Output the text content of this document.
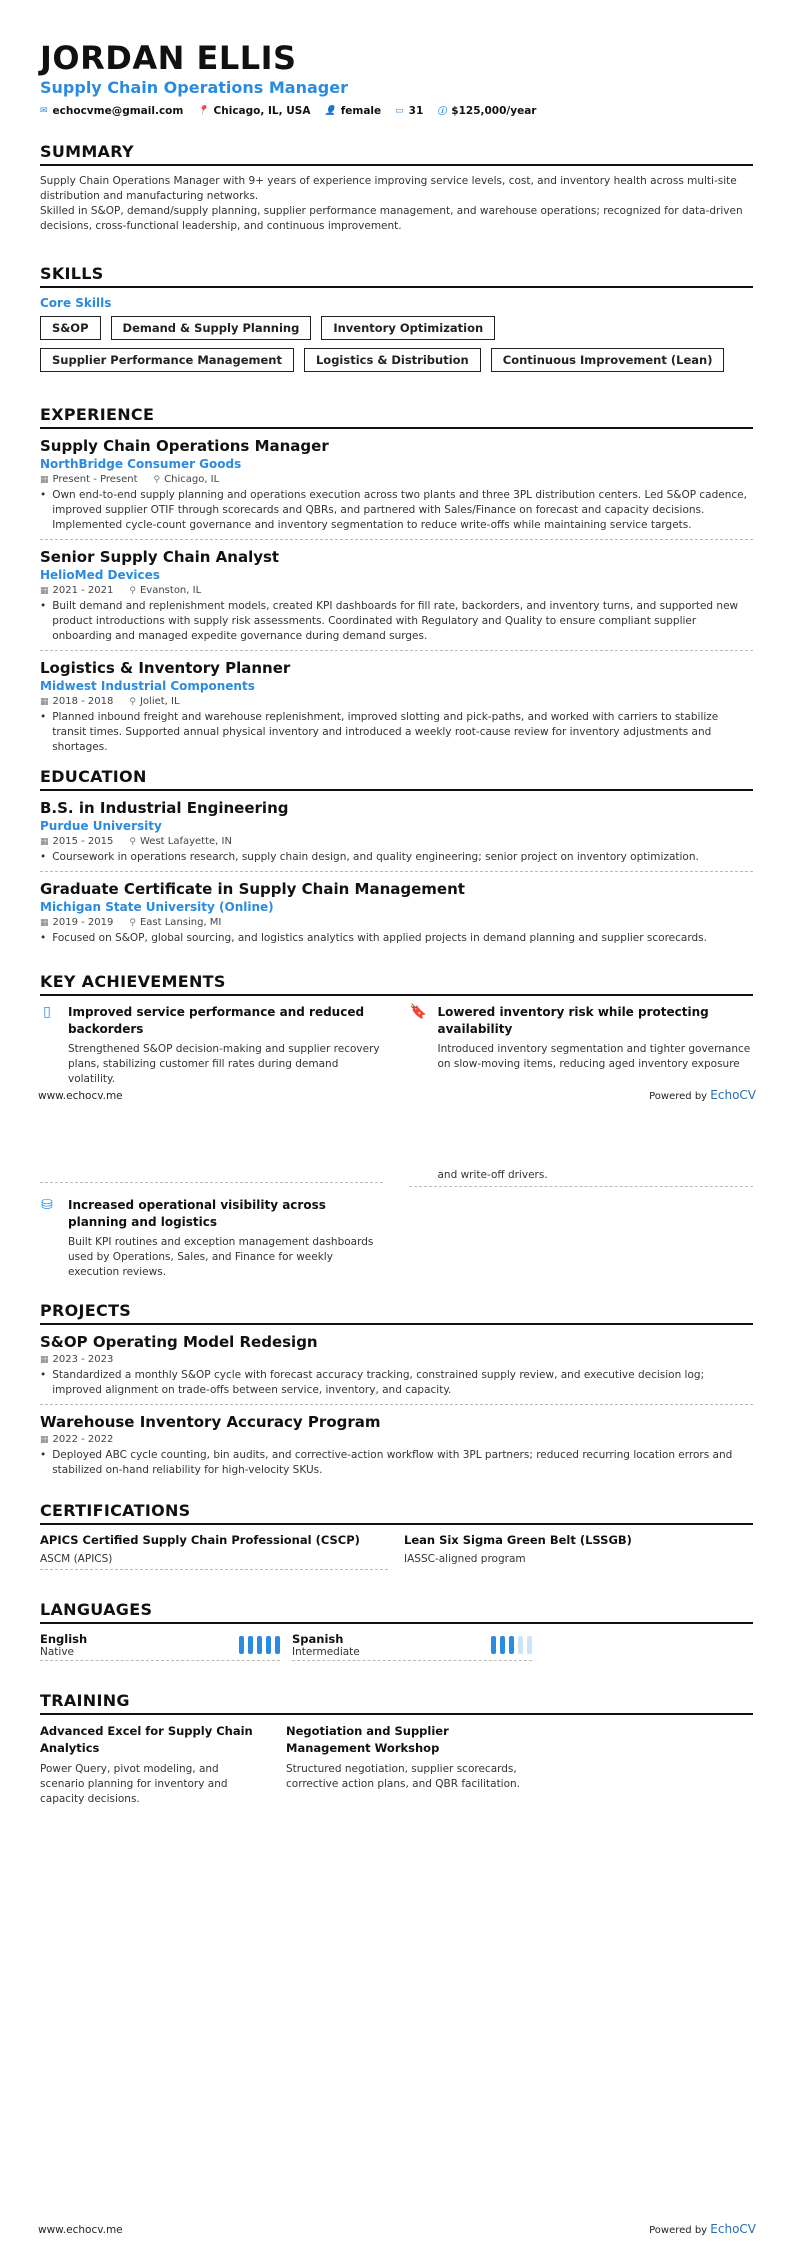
JORDAN ELLIS
Supply Chain Operations Manager
✉ echocvme@gmail.com 📍 Chicago, IL, USA 👤 female ▭ 31 ⓘ $125,000/year
SUMMARY
Supply Chain Operations Manager with 9+ years of experience improving service levels, cost, and inventory health across multi-site distribution and manufacturing networks.
Skilled in S&OP, demand/supply planning, supplier performance management, and warehouse operations; recognized for data-driven decisions, cross-functional leadership, and continuous improvement.
SKILLS
Core Skills
S&OP	Demand & Supply Planning	Inventory Optimization
Supplier Performance Management	Logistics & Distribution	Continuous Improvement (Lean)
EXPERIENCE
Supply Chain Operations Manager
NorthBridge Consumer Goods
▦ Present - Present ⚲ Chicago, IL
• Own end-to-end supply planning and operations execution across two plants and three 3PL distribution centers. Led S&OP cadence, improved supplier OTIF through scorecards and QBRs, and partnered with Sales/Finance on forecast and capacity decisions. Implemented cycle-count governance and inventory segmentation to reduce write-offs while maintaining service targets.
Senior Supply Chain Analyst
HelioMed Devices
▦ 2021 - 2021 ⚲ Evanston, IL
• Built demand and replenishment models, created KPI dashboards for fill rate, backorders, and inventory turns, and supported new product introductions with supply risk assessments. Coordinated with Regulatory and Quality to ensure compliant supplier onboarding and managed expedite governance during demand surges.
Logistics & Inventory Planner
Midwest Industrial Components
▦ 2018 - 2018 ⚲ Joliet, IL
• Planned inbound freight and warehouse replenishment, improved slotting and pick-paths, and worked with carriers to stabilize transit times. Supported annual physical inventory and introduced a weekly root-cause review for inventory adjustments and shortages.
EDUCATION
B.S. in Industrial Engineering
Purdue University
▦ 2015 - 2015 ⚲ West Lafayette, IN
• Coursework in operations research, supply chain design, and quality engineering; senior project on inventory optimization.
Graduate Certificate in Supply Chain Management
Michigan State University (Online)
▦ 2019 - 2019 ⚲ East Lansing, MI
• Focused on S&OP, global sourcing, and logistics analytics with applied projects in demand planning and supplier scorecards.
KEY ACHIEVEMENTS
▯ Improved service performance and reduced backorders
Strengthened S&OP decision-making and supplier recovery plans, stabilizing customer fill rates during demand volatility.
🔖 Lowered inventory risk while protecting availability
Introduced inventory segmentation and tighter governance on slow-moving items, reducing aged inventory exposure
www.echocv.me	Powered by EchoCV
and write-off drivers.
⛁ Increased operational visibility across planning and logistics
Built KPI routines and exception management dashboards used by Operations, Sales, and Finance for weekly execution reviews.
PROJECTS
S&OP Operating Model Redesign
▦ 2023 - 2023
• Standardized a monthly S&OP cycle with forecast accuracy tracking, constrained supply review, and executive decision log; improved alignment on trade-offs between service, inventory, and capacity.
Warehouse Inventory Accuracy Program
▦ 2022 - 2022
• Deployed ABC cycle counting, bin audits, and corrective-action workflow with 3PL partners; reduced recurring location errors and stabilized on-hand reliability for high-velocity SKUs.
CERTIFICATIONS
APICS Certified Supply Chain Professional (CSCP)
ASCM (APICS)
Lean Six Sigma Green Belt (LSSGB)
IASSC-aligned program
LANGUAGES
English
Native
Spanish
Intermediate
TRAINING
Advanced Excel for Supply Chain Analytics
Power Query, pivot modeling, and scenario planning for inventory and capacity decisions.
Negotiation and Supplier Management Workshop
Structured negotiation, supplier scorecards, corrective action plans, and QBR facilitation.
www.echocv.me	Powered by EchoCV
